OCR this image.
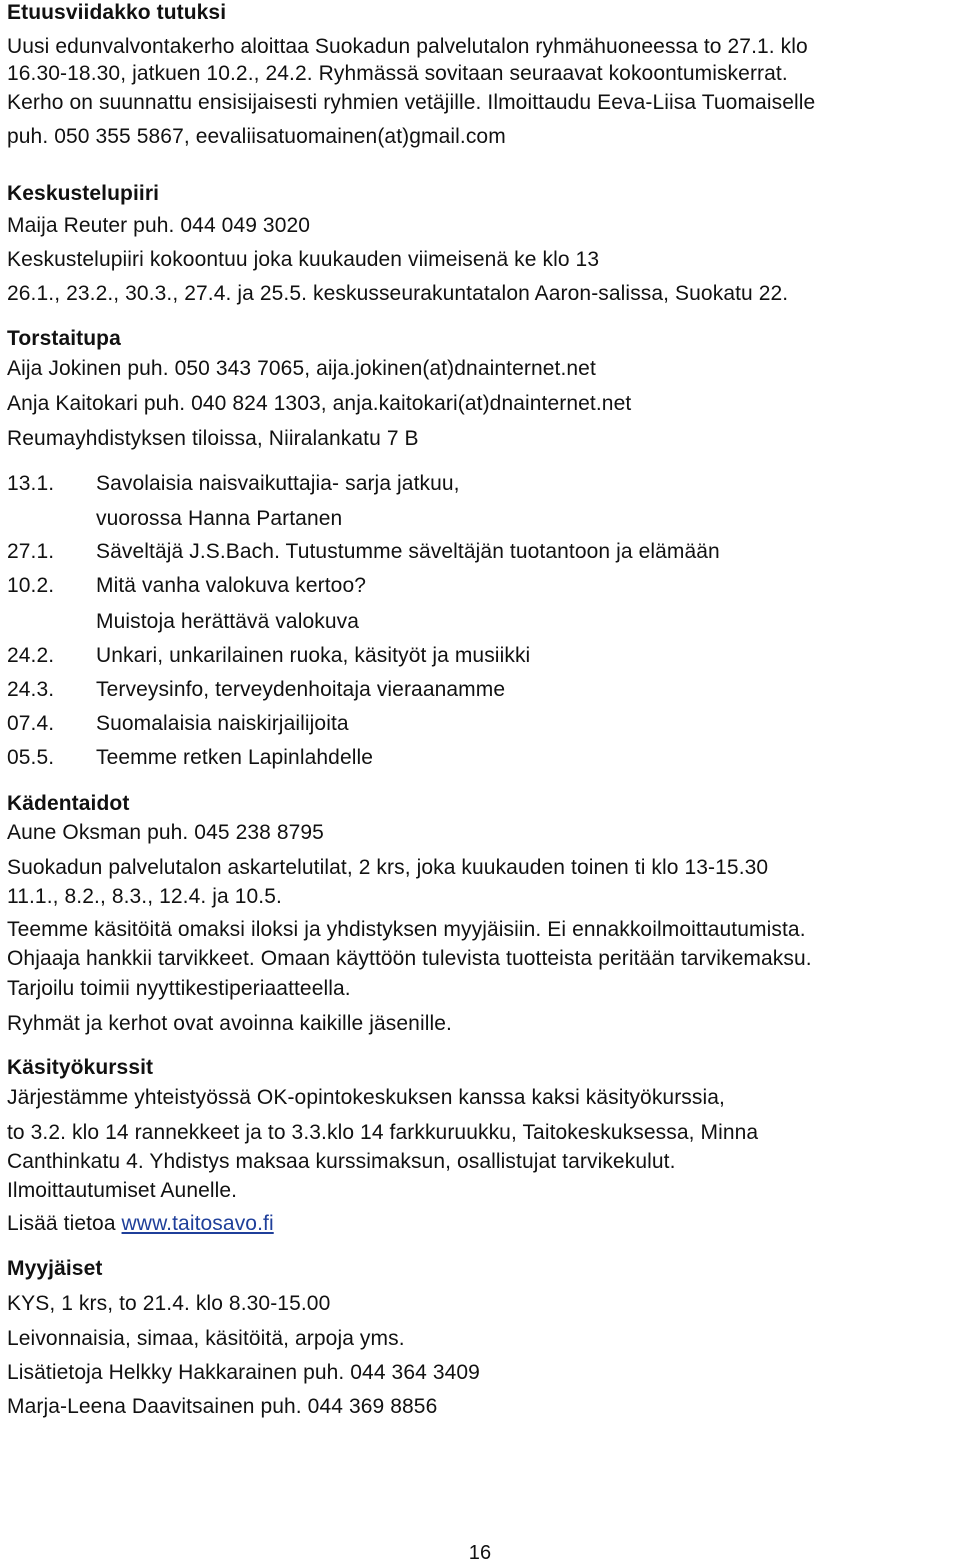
Etuusviidakko tutuksi
Uusi edunvalvontakerho aloittaa Suokadun palvelutalon ryhmähuoneessa to 27.1. klo
16.30-18.30, jatkuen 10.2., 24.2. Ryhmässä sovitaan seuraavat kokoontumiskerrat.
Kerho on suunnattu ensisijaisesti ryhmien vetäjille. Ilmoittaudu Eeva-Liisa Tuomaiselle
puh. 050 355 5867, eevaliisatuomainen(at)gmail.com
Keskustelupiiri
Maija Reuter puh. 044 049 3020
Keskustelupiiri kokoontuu joka kuukauden viimeisenä ke klo 13
26.1., 23.2., 30.3., 27.4. ja 25.5. keskusseurakuntatalon Aaron-salissa, Suokatu 22.
Torstaitupa
Aija Jokinen puh. 050 343 7065, aija.jokinen(at)dnainternet.net
Anja Kaitokari puh. 040 824 1303, anja.kaitokari(at)dnainternet.net
Reumayhdistyksen tiloissa, Niiralankatu 7 B
13.1. Savolaisia naisvaikuttajia- sarja jatkuu,
vuorossa Hanna Partanen
27.1. Säveltäjä J.S.Bach. Tutustumme säveltäjän tuotantoon ja elämään
10.2. Mitä vanha valokuva kertoo?
Muistoja herättävä valokuva
24.2. Unkari, unkarilainen ruoka, käsityöt ja musiikki
24.3. Terveysinfo, terveydenhoitaja vieraanamme
07.4. Suomalaisia naiskirjailijoita
05.5. Teemme retken Lapinlahdelle
Kädentaidot
Aune Oksman puh. 045 238 8795
Suokadun palvelutalon askartelutilat, 2 krs, joka kuukauden toinen ti klo 13-15.30
11.1., 8.2., 8.3., 12.4. ja 10.5.
Teemme käsitöitä omaksi iloksi ja yhdistyksen myyjäisiin. Ei ennakkoilmoittautumista.
Ohjaaja hankkii tarvikkeet. Omaan käyttöön tulevista tuotteista peritään tarvikemaksu.
Tarjoilu toimii nyyttikestiperiaatteella.
Ryhmät ja kerhot ovat avoinna kaikille jäsenille.
Käsityökurssit
Järjestämme yhteistyössä OK-opintokeskuksen kanssa kaksi käsityökurssia,
to 3.2. klo 14 rannekkeet ja to 3.3.klo 14 farkkuruukku, Taitokeskuksessa, Minna
Canthinkatu 4. Yhdistys maksaa kurssimaksun, osallistujat tarvikekulut.
Ilmoittautumiset Aunelle.
Lisää tietoa www.taitosavo.fi
Myyjäiset
KYS, 1 krs, to 21.4. klo 8.30-15.00
Leivonnaisia, simaa, käsitöitä, arpoja yms.
Lisätietoja Helkky Hakkarainen puh. 044 364 3409
Marja-Leena Daavitsainen puh. 044 369 8856
16
